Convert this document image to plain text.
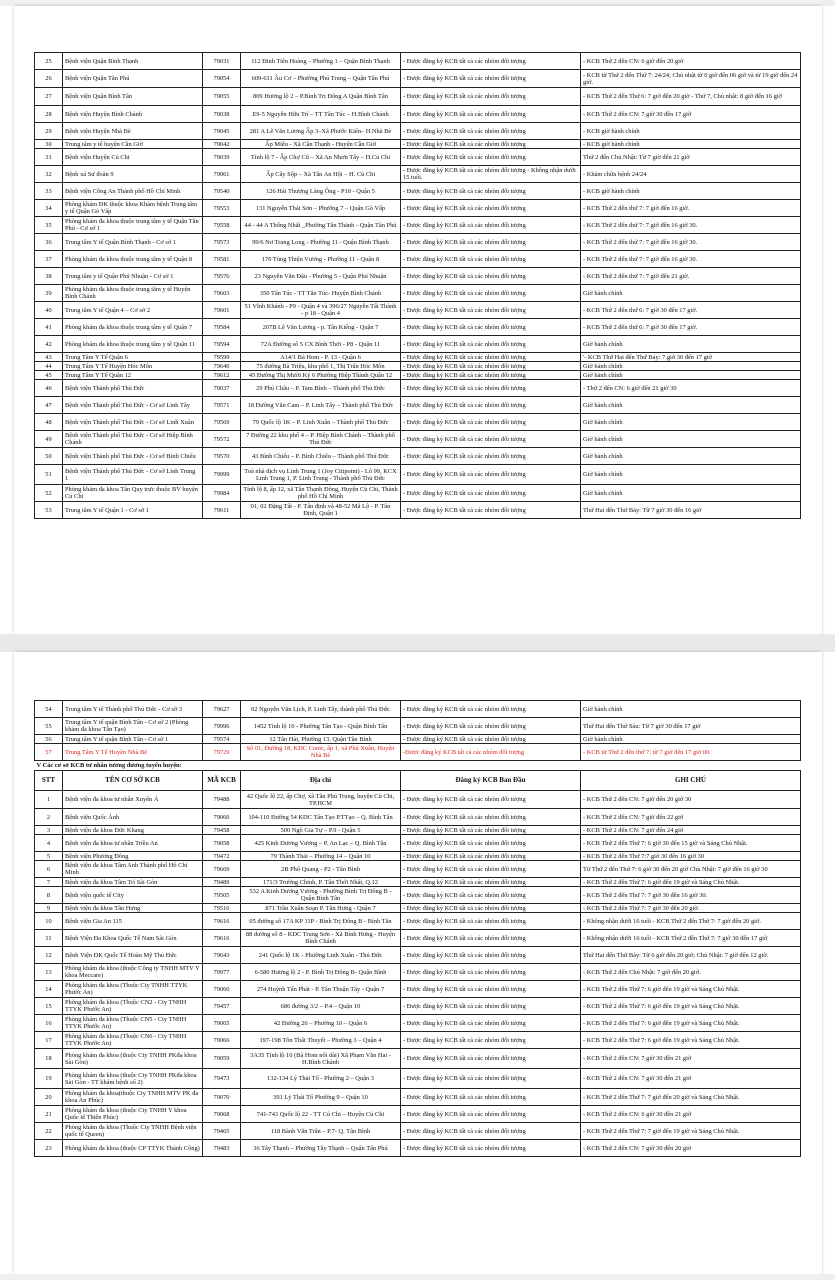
25	Bệnh viện Quận Bình Thạnh	79031	112 Đinh Tiên Hoàng – Phường 1 – Quận Bình Thạnh	- Được đăng ký KCB tất cả các nhóm đối tượng	- KCB Thứ 2 đến CN: 6 giờ đến 20 giờ
26	Bệnh viện Quận Tân Phú	79054	609-611 Âu Cơ – Phường Phú Trung – Quận Tân Phú	- Được đăng ký KCB tất cả các nhóm đối tượng	- KCB từ Thứ 2 đến Thứ 7: 24/24; Chủ nhật từ 0 giờ đến 06 giờ và từ 19 giờ đến 24 giờ.
27	Bệnh viện Quận Bình Tân	79055	809 Hương lộ 2 – P.Bình Trị Đông A Quận Bình Tân	- Được đăng ký KCB tất cả các nhóm đối tượng	- KCB Thứ 2 đến Thứ 6: 7 giờ đến 20 giờ - Thứ 7, Chủ nhật: 8 giờ đến 16 giờ
28	Bệnh viện Huyện Bình Chánh	79038	E9-5 Nguyễn Hữu Trí – TT Tân Túc – H.Bình Chánh	- Được đăng ký KCB tất cả các nhóm đối tượng	- KCB Thứ 2 đến CN: 7 giờ 30 đến 17 giờ
29	Bệnh viện Huyện Nhà Bè	79045	281 A Lê Văn Lương Ấp 3–Xã Phước Kiển– H.Nhà Bè	- Được đăng ký KCB tất cả các nhóm đối tượng	- KCB giờ hành chính
30	Trung tâm y tế huyện Cần Giờ	79042	Ấp Miễu - Xã Cần Thạnh - Huyện Cần Giờ	- Được đăng ký KCB tất cả các nhóm đối tượng	- KCB giờ hành chính
31	Bệnh viện Huyện Củ Chi	79039	Tỉnh lộ 7 - Ấp Chợ Cũ – Xã An Nhơn Tây – H.Củ Chi	- Được đăng ký KCB tất cả các nhóm đối tượng	Thứ 2 đến Chủ Nhật: Từ 7 giờ đến 21 giờ
32	Bệnh xá Sư đoàn 9	79061	Ấp Cây Sộp – Xã Tân An Hội – H. Củ Chi	- Được đăng ký KCB tất cả các nhóm đối tượng - Không nhận dưới 15 tuổi.	- Khám chữa bệnh 24/24
33	Bệnh viện Công An Thành phố Hồ Chí Minh	79540	126 Hải Thượng Lãng Ông - P10 - Quận 5	- Được đăng ký KCB tất cả các nhóm đối tượng	- KCB giờ hành chính
34	Phòng khám ĐK thuộc khoa Khám bệnh Trung tâm y tế Quận Gò Vấp	79553	131 Nguyễn Thái Sơn – Phường 7 – Quận Gò Vấp	- Được đăng ký KCB tất cả các nhóm đối tượng	- KCB Thứ 2 đến thứ 7: 7 giờ đến 16 giờ.
35	Phòng khám đa khoa thuộc trung tâm y tế Quận Tân Phú - Cơ sở 1	79558	44 - 44 A Thống Nhất _Phường Tân Thành - Quận Tân Phú	- Được đăng ký KCB tất cả các nhóm đối tượng	- KCB Thứ 2 đến thứ 7: 7 giờ đến 16 giờ 30.
36	Trung tâm Y tế Quận Bình Thạnh - Cơ sở 1	79573	99/6 Nơ Trang Long - Phường 11 - Quận Bình Thạnh	- Được đăng ký KCB tất cả các nhóm đối tượng	- KCB Thứ 2 đến thứ 7: 7 giờ đến 16 giờ 30.
37	Phòng khám đa khoa thuộc trung tâm y tế Quận 8	79581	170 Tùng Thiện Vương - Phường 11 - Quận 8	- Được đăng ký KCB tất cả các nhóm đối tượng	- KCB Thứ 2 đến thứ 7: 7 giờ đến 16 giờ 30.
38	Trung tâm y tế Quận Phú Nhuận - Cơ sở 1	79576	23 Nguyễn Văn Đậu - Phường 5 - Quận Phú Nhuận	- Được đăng ký KCB tất cả các nhóm đối tượng	- KCB Thứ 2 đến thứ 7: 7 giờ đến 21 giờ.
39	Phòng khám đa khoa thuộc trung tâm y tế Huyện Bình Chánh	79603	350 Tân Túc - TT Tân Túc- Huyện Bình Chánh	- Được đăng ký KCB tất cả các nhóm đối tượng	Giờ hành chính
40	Trung tâm Y tế Quận 4 – Cơ sở 2	79601	51 Vĩnh Khánh - P9 - Quận 4 và 396/27 Nguyễn Tất Thành - p 18 - Quận 4	- Được đăng ký KCB tất cả các nhóm đối tượng	- KCB Thứ 2 đến thứ 6: 7 giờ 30 đến 17 giờ.
41	Phòng khám đa khoa thuộc trung tâm y tế Quận 7	79584	207B Lê Văn Lương - p. Tân Kiểng - Quận 7	- Được đăng ký KCB tất cả các nhóm đối tượng	- KCB Thứ 2 đến thứ 6: 7 giờ 30 đến 17 giờ.
42	Phòng khám đa khoa thuộc trung tâm y tế Quận 11	79594	72A Đường số 5 CX Bình Thới - P8 - Quận 11	- Được đăng ký KCB tất cả các nhóm đối tượng	Giờ hành chính
43	Trung Tâm Y Tế Quận 6	79599	A14/1 Bà Hom - P. 13 - Quận 6	- Được đăng ký KCB tất cả các nhóm đối tượng	'- KCB Thứ Hai đến Thứ Bảy: 7 giờ 30 đến 17 giờ
44	Trung Tâm Y Tế Huyện Hóc Môn	79640	75 đường Bà Triệu, khu phố 1, Thị Trấn Hóc Môn	- Được đăng ký KCB tất cả các nhóm đối tượng	Giờ hành chính
45	Trung Tâm Y Tế Quận 12	79612	45 Đường Thị Mười Ký 6 Phường Hiệp Thành Quận 12	- Được đăng ký KCB tất cả các nhóm đối tượng	Giờ hành chính
46	Bệnh viện Thành phố Thủ Đức	79037	29 Phú Châu – P. Tam Bình – Thành phố Thủ Đức	- Được đăng ký KCB tất cả các nhóm đối tượng	- Thứ 2 đến CN: 6 giờ đến 21 giờ 30
47	Bệnh viện Thành phố Thủ Đức - Cơ sở Linh Tây	79571	18 Đường Văn Cam – P. Linh Tây – Thành phố Thủ Đức	- Được đăng ký KCB tất cả các nhóm đối tượng	Giờ hành chính
48	Bệnh viện Thành phố Thủ Đức - Cơ sở Linh Xuân	79569	79 Quốc lộ 1K – P. Linh Xuân – Thành phố Thủ Đức	- Được đăng ký KCB tất cả các nhóm đối tượng	Giờ hành chính
49	Bệnh viện Thành phố Thủ Đức - Cơ sở Hiệp Bình Chánh	79572	7 Đường 22 khu phố 4 – P. Hiệp Bình Chánh – Thành phố Thủ Đức	- Được đăng ký KCB tất cả các nhóm đối tượng	Giờ hành chính
50	Bệnh viện Thành phố Thủ Đức - Cơ sở Bình Chiểu	79570	43 Bình Chiểu – P. Bình Chiểu – Thành phố Thủ Đức	- Được đăng ký KCB tất cả các nhóm đối tượng	Giờ hành chính
51	Bệnh viện Thành phố Thủ Đức - Cơ sở Linh Trung 1	79999	Toà nhà dịch vụ Linh Trung 1 (Joy Citipoint) - Lô 99, KCX Linh Trung 1, P. Linh Trung - Thành phố Thủ Đức	- Được đăng ký KCB tất cả các nhóm đối tượng	Giờ hành chính
52	Phòng khám đa khoa Tân Quy trực thuộc BV huyện Củ Chi	79984	Tỉnh lộ 8, ấp 12, xã Tân Thạnh Đông, Huyện Củ Chi, Thành phố Hồ Chí Minh	- Được đăng ký KCB tất cả các nhóm đối tượng	Giờ hành chính
53	Trung tâm Y tế Quận 1 - Cơ sở 1	79611	01, 02 Đặng Tất - P. Tân định và 48-52 Mã Lộ - P. Tân Định, Quận 1	- Được đăng ký KCB tất cả các nhóm đối tượng	Thứ Hai đến Thứ Bảy: Từ 7 giờ 30 đến 16 giờ
54	Trung tâm Y tế Thành phố Thủ Đức - Cơ sở 3	79627	02 Nguyễn Văn Lịch, P. Linh Tây, thành phố Thủ Đức	- Được đăng ký KCB tất cả các nhóm đối tượng	Giờ hành chính
55	Trung tâm Y tế quận Bình Tân - Cơ sở 2 (Phòng khám đa khoa Tân Tạo)	79996	1452 Tỉnh lộ 10 - Phường Tân Tạo - Quận Bình Tân	- Được đăng ký KCB tất cả các nhóm đối tượng	Thứ Hai đến Thứ Sáu: Từ 7 giờ 30 đến 17 giờ
56	Trung tâm Y tế quận Bình Tân - Cơ sở 1	79574	12 Tân Hải, Phường 13, Quận Tân Bình	- Được đăng ký KCB tất cả các nhóm đối tượng	Giờ hành chính
57	Trung Tâm Y Tế Huyện Nhà Bè	79729	Số 01, Đường 18, KDC Conic, ấp 1, xã Phú Xuân, Huyện Nhà Bè	-Được đăng ký KCB tất cả các nhóm đối tượng	- KCB từ Thứ 2 đến thứ 7: từ 7 giờ đến 17 giờ 00.
V Các cơ sở KCB tư nhân tương đương tuyến huyện:					
STT	TÊN CƠ SỞ KCB	MÃ KCB	Địa chỉ	Đăng ký KCB Ban Đầu	GHI CHÚ
1	Bệnh viện đa khoa tư nhân Xuyên Á	79488	42 Quốc lộ 22, ấp Chợ, xã Tân Phú Trung, huyện Củ Chi, TP.HCM	- Được đăng ký KCB tất cả các nhóm đối tượng	- KCB Thứ 2 đến CN: 7 giờ đến 20 giờ 30
2	Bệnh viện Quốc Ánh	79060	104-110 Đường 54 KDC Tân Tạo P.TTạo – Q. Bình Tân	- Được đăng ký KCB tất cả các nhóm đối tượng	- KCB Thứ 2 đến CN: 7 giờ đến 22 giờ
3	Bệnh viện đa khoa Đức Khang	79458	500 Ngô Gia Tự – P.9 - Quận 5	- Được đăng ký KCB tất cả các nhóm đối tượng	- KCB Thứ 2 đến CN: 7 giờ đến 24 giờ
4	Bệnh viện đa khoa tư nhân Triều An	79058	425 Kinh Dương Vương – P. An Lạc – Q. Bình Tân	- Được đăng ký KCB tất cả các nhóm đối tượng	- KCB Thứ 2 đến Thứ 7: 6 giờ 30 đến 15 giờ và Sáng Chủ Nhật.
5	Bệnh viện Phương Đông	79472	79 Thành Thái – Phường 14 – Quận 10	- Được đăng ký KCB tất cả các nhóm đối tượng	- KCB Thứ 2 đến Thứ 7:7 giờ 30 đến 16 giờ 30
6	Bệnh viện đa khoa Tâm Anh Thành phố Hồ Chí Minh	79669	2B Phổ Quang - P2 - Tân Bình	- Được đăng ký KCB tất cả các nhóm đối tượng	Từ Thứ 2 đến Thứ 7: 6 giờ 30 đến 20 giờ Chủ Nhật: 7 giờ đến 16 giờ 30
7	Bệnh viện đa khoa Tâm Trí Sài Gòn	79489	171/3 Trường Chinh, P. Tân Thới Nhất, Q.12	- Được đăng ký KCB tất cả các nhóm đối tượng	- KCB Thứ 2 đến Thứ 7: 6 giờ đến 19 giờ và Sáng Chủ Nhật.
8	Bệnh viện quốc tế City	79505	532 A Kinh Dương Vương - Phường Bình Trị Đông B - Quận Bình Tân	- Được đăng ký KCB tất cả các nhóm đối tượng	- KCB Thứ 2 đến Thứ 7: 7 giờ 30 đến 16 giờ 30.
9	Bệnh viện đa khoa Tân Hưng	79516	871 Trần Xuân Soạn P. Tân Hưng - Quận 7	- Được đăng ký KCB tất cả các nhóm đối tượng	- KCB Thứ 2 đến Thứ 7: 7 giờ 30 đến 20 giờ.
10	Bệnh viện Gia An 115	79616	05 đường số 17A KP 11P - Bình Trị Đông B - Bình Tân	- Được đăng ký KCB tất cả các nhóm đối tượng	- Không nhận dưới 16 tuổi - KCB Thứ 2 đến Thứ 7: 7 giờ đến 20 giờ.
11	Bệnh Viện Đa Khoa Quốc Tế Nam Sài Gòn	79616	88 đường số 8 - KDC Trung Sơn - Xã Bình Hưng - Huyện Bình Chánh	- Được đăng ký KCB tất cả các nhóm đối tượng	- Không nhận dưới 16 tuổi - KCB Thứ 2 đến Thứ 7: 7 giờ 30 đến 17 giờ
12	Bệnh Viện ĐK Quốc Tế Hoàn Mỹ Thủ Đức	79643	241 Quốc lộ 1K - Phường Linh Xuân - Thủ Đức	- Được đăng ký KCB tất cả các nhóm đối tượng	Thứ Hai đến Thứ Bảy: Từ 6 giờ đến 20 giờ; Chủ Nhật: 7 giờ đến 12 giờ.
13	Phòng khám đa khoa (thuộc Công ty TNHH MTV Y khoa Meccare)	79977	6-580 Hương lộ 2 - P. Bình Trị Đông B- Quận Bình	- Được đăng ký KCB tất cả các nhóm đối tượng	- KCB Thứ 2 đến Chủ Nhật: 7 giờ đến 20 giờ.
14	Phòng khám đa khoa (Thuộc Cty TNHH TTYK Phước An)	79060	274 Huỳnh Tấn Phát - P. Tân Thuận Tây - Quận 7	- Được đăng ký KCB tất cả các nhóm đối tượng	- KCB Thứ 2 đến Thứ 7: 6 giờ đến 19 giờ và Sáng Chủ Nhật.
15	Phòng khám đa khoa (Thuộc CN2 - Cty TNHH TTYK Phước An)	79457	686 đường 3/2 – P.4 – Quận 10	- Được đăng ký KCB tất cả các nhóm đối tượng	- KCB Thứ 2 đến Thứ 7: 6 giờ đến 19 giờ và Sáng Chủ Nhật.
16	Phòng khám đa khoa (Thuộc CN5 - Cty TNHH TTYK Phước An)	79065	42 Đường 26 – Phường 10 – Quận 6	- Được đăng ký KCB tất cả các nhóm đối tượng	- KCB Thứ 2 đến Thứ 7: 6 giờ đến 19 giờ và Sáng Chủ Nhật.
17	Phòng khám đa khoa (Thuộc CN6 - Cty TNHH TTYK Phước An)	79066	197-198 Tôn Thất Thuyết – Phường 3 – Quận 4	- Được đăng ký KCB tất cả các nhóm đối tượng	- KCB Thứ 2 đến Thứ 7: 6 giờ đến 19 giờ và Sáng Chủ Nhật.
18	Phòng khám đa khoa (thuộc Cty TNHH PKđa khoa Sài Gòn)	79059	3A35 Tỉnh lộ 10 (Bà Hom nối dài) Xã Phạm Văn Hai -H.Bình Chánh	- Được đăng ký KCB tất cả các nhóm đối tượng	- KCB Thứ 2 đến CN: 7 giờ 30 đến 21 giờ
19	Phòng khám đa khoa (thuộc Cty TNHH PKđa khoa Sài Gòn - TT khám bệnh số 2)	79473	132-134 Lý Thái Tổ - Phường 2 – Quận 3	- Được đăng ký KCB tất cả các nhóm đối tượng	- KCB Thứ 2 đến CN: 7 giờ 30 đến 21 giờ
20	Phòng khám đa khoa(thuộc Cty TNHH MTV PK đa khoa An Phúc)	79070	391 Lý Thái Tổ Phường 9 – Quận 10	- Được đăng ký KCB tất cả các nhóm đối tượng	- KCB Thứ 2 đến Thứ 7: 7 giờ đến 20 giờ và Sáng Chủ Nhật.
21	Phòng khám đa khoa (thuộc Cty TNHH Y khoa Quốc tế Thiên Phúc)	79068	741-743 Quốc lộ 22 - TT Củ Chi – Huyện Củ Chi	- Được đăng ký KCB tất cả các nhóm đối tượng	- KCB Thứ 2 đến CN: 6 giờ 30 đến 21 giờ
22	Phòng khám đa khoa (Thuộc Cty TNHH Bệnh viện quốc tế Queen)	79465	118 Bành Văn Trân – P.7- Q. Tân Bình	- Được đăng ký KCB tất cả các nhóm đối tượng	- KCB Thứ 2 đến Thứ 7: 7 giờ đến 19 giờ và Sáng Chủ Nhật.
23	Phòng khám đa khoa (thuộc CP TTYK Thành Công)	79483	36 Tây Thạnh – Phường Tây Thạnh – Quận Tân Phú	- Được đăng ký KCB tất cả các nhóm đối tượng	- KCB Thứ 2 đến CN: 7 giờ 30 đến 20 giờ
